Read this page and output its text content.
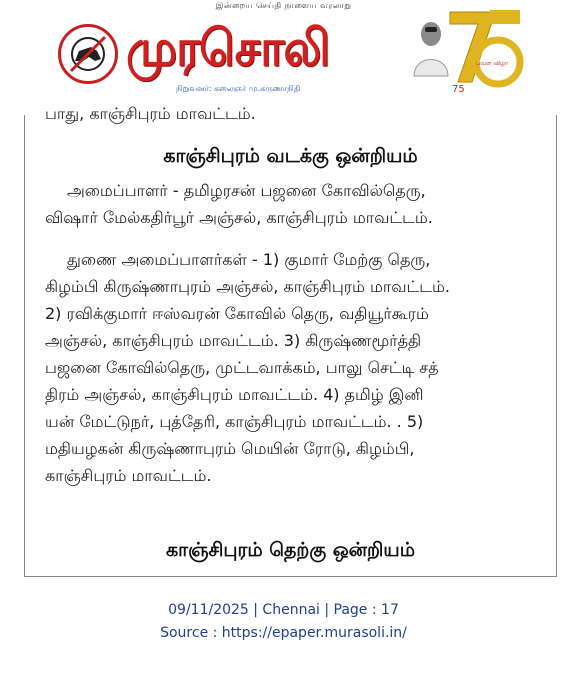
இன்றைய செய்தி நாளைய வரலாறு
முரசொலி
நிறுவனர்: கலைஞர் மு.கருணாநிதி	75
பவள விழா
பாது, காஞ்சிபுரம் மாவட்டம்.
காஞ்சிபுரம் வடக்கு ஒன்றியம்
அமைப்பாளர் - தமிழரசன் பஜனை கோவில்தெரு,
விஷார் மேல்கதிர்பூர் அஞ்சல், காஞ்சிபுரம் மாவட்டம்.
துணை அமைப்பாளர்கள் - 1) குமார் மேற்கு தெரு,
கிழம்பி கிருஷ்ணாபுரம் அஞ்சல், காஞ்சிபுரம் மாவட்டம்.
2) ரவிக்குமார் ஈஸ்வரன் கோவில் தெரு, வதியூர்கூரம்
அஞ்சல், காஞ்சிபுரம் மாவட்டம். 3) கிருஷ்ணமூர்த்தி
பஜனை கோவில்தெரு, முட்டவாக்கம், பாலு செட்டி சத்
திரம் அஞ்சல், காஞ்சிபுரம் மாவட்டம். 4) தமிழ் இனி
யன் மேட்டுநர், புத்தேரி, காஞ்சிபுரம் மாவட்டம். . 5)
மதியழகன் கிருஷ்ணாபுரம் மெயின் ரோடு, கிழம்பி,
காஞ்சிபுரம் மாவட்டம்.
காஞ்சிபுரம் தெற்கு ஒன்றியம்
09/11/2025 | Chennai | Page : 17
Source : https://epaper.murasoli.in/
